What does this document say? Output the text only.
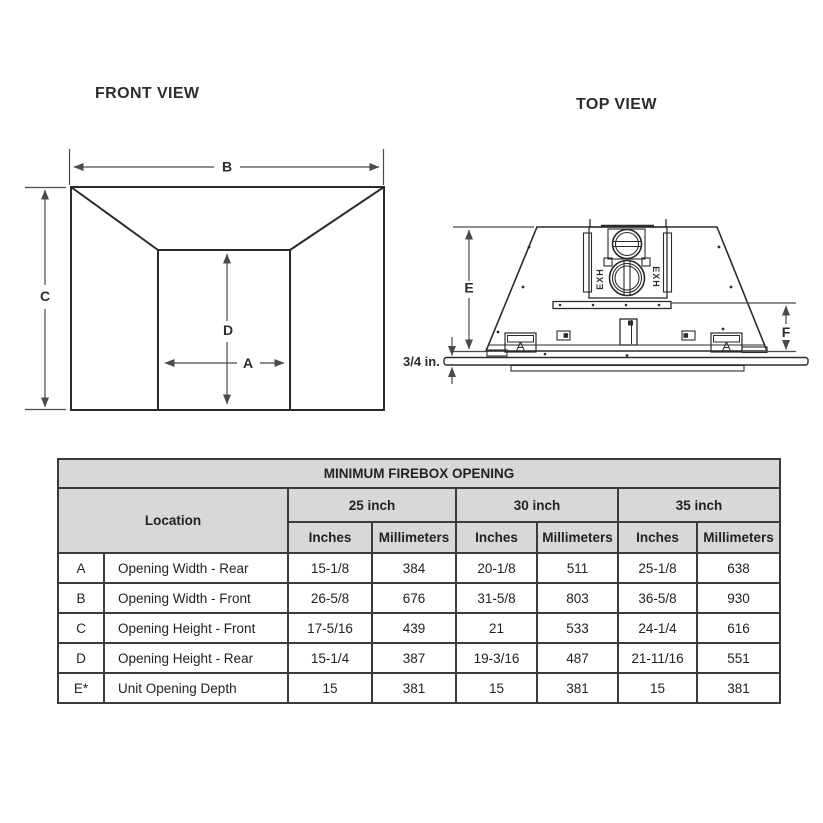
FRONT VIEW
TOP VIEW
B
C
D
A
E
F
3/4 in.
EXH	EXH
MINIMUM FIREBOX OPENING							
Location		25 inch		30 inch		35 inch	
		Inches	Millimeters	Inches	Millimeters	Inches	Millimeters
A	Opening Width - Rear	15-1/8	384	20-1/8	511	25-1/8	638
B	Opening Width - Front	26-5/8	676	31-5/8	803	36-5/8	930
C	Opening Height - Front	17-5/16	439	21	533	24-1/4	616
D	Opening Height - Rear	15-1/4	387	19-3/16	487	21-11/16	551
E*	Unit Opening Depth	15	381	15	381	15	381
